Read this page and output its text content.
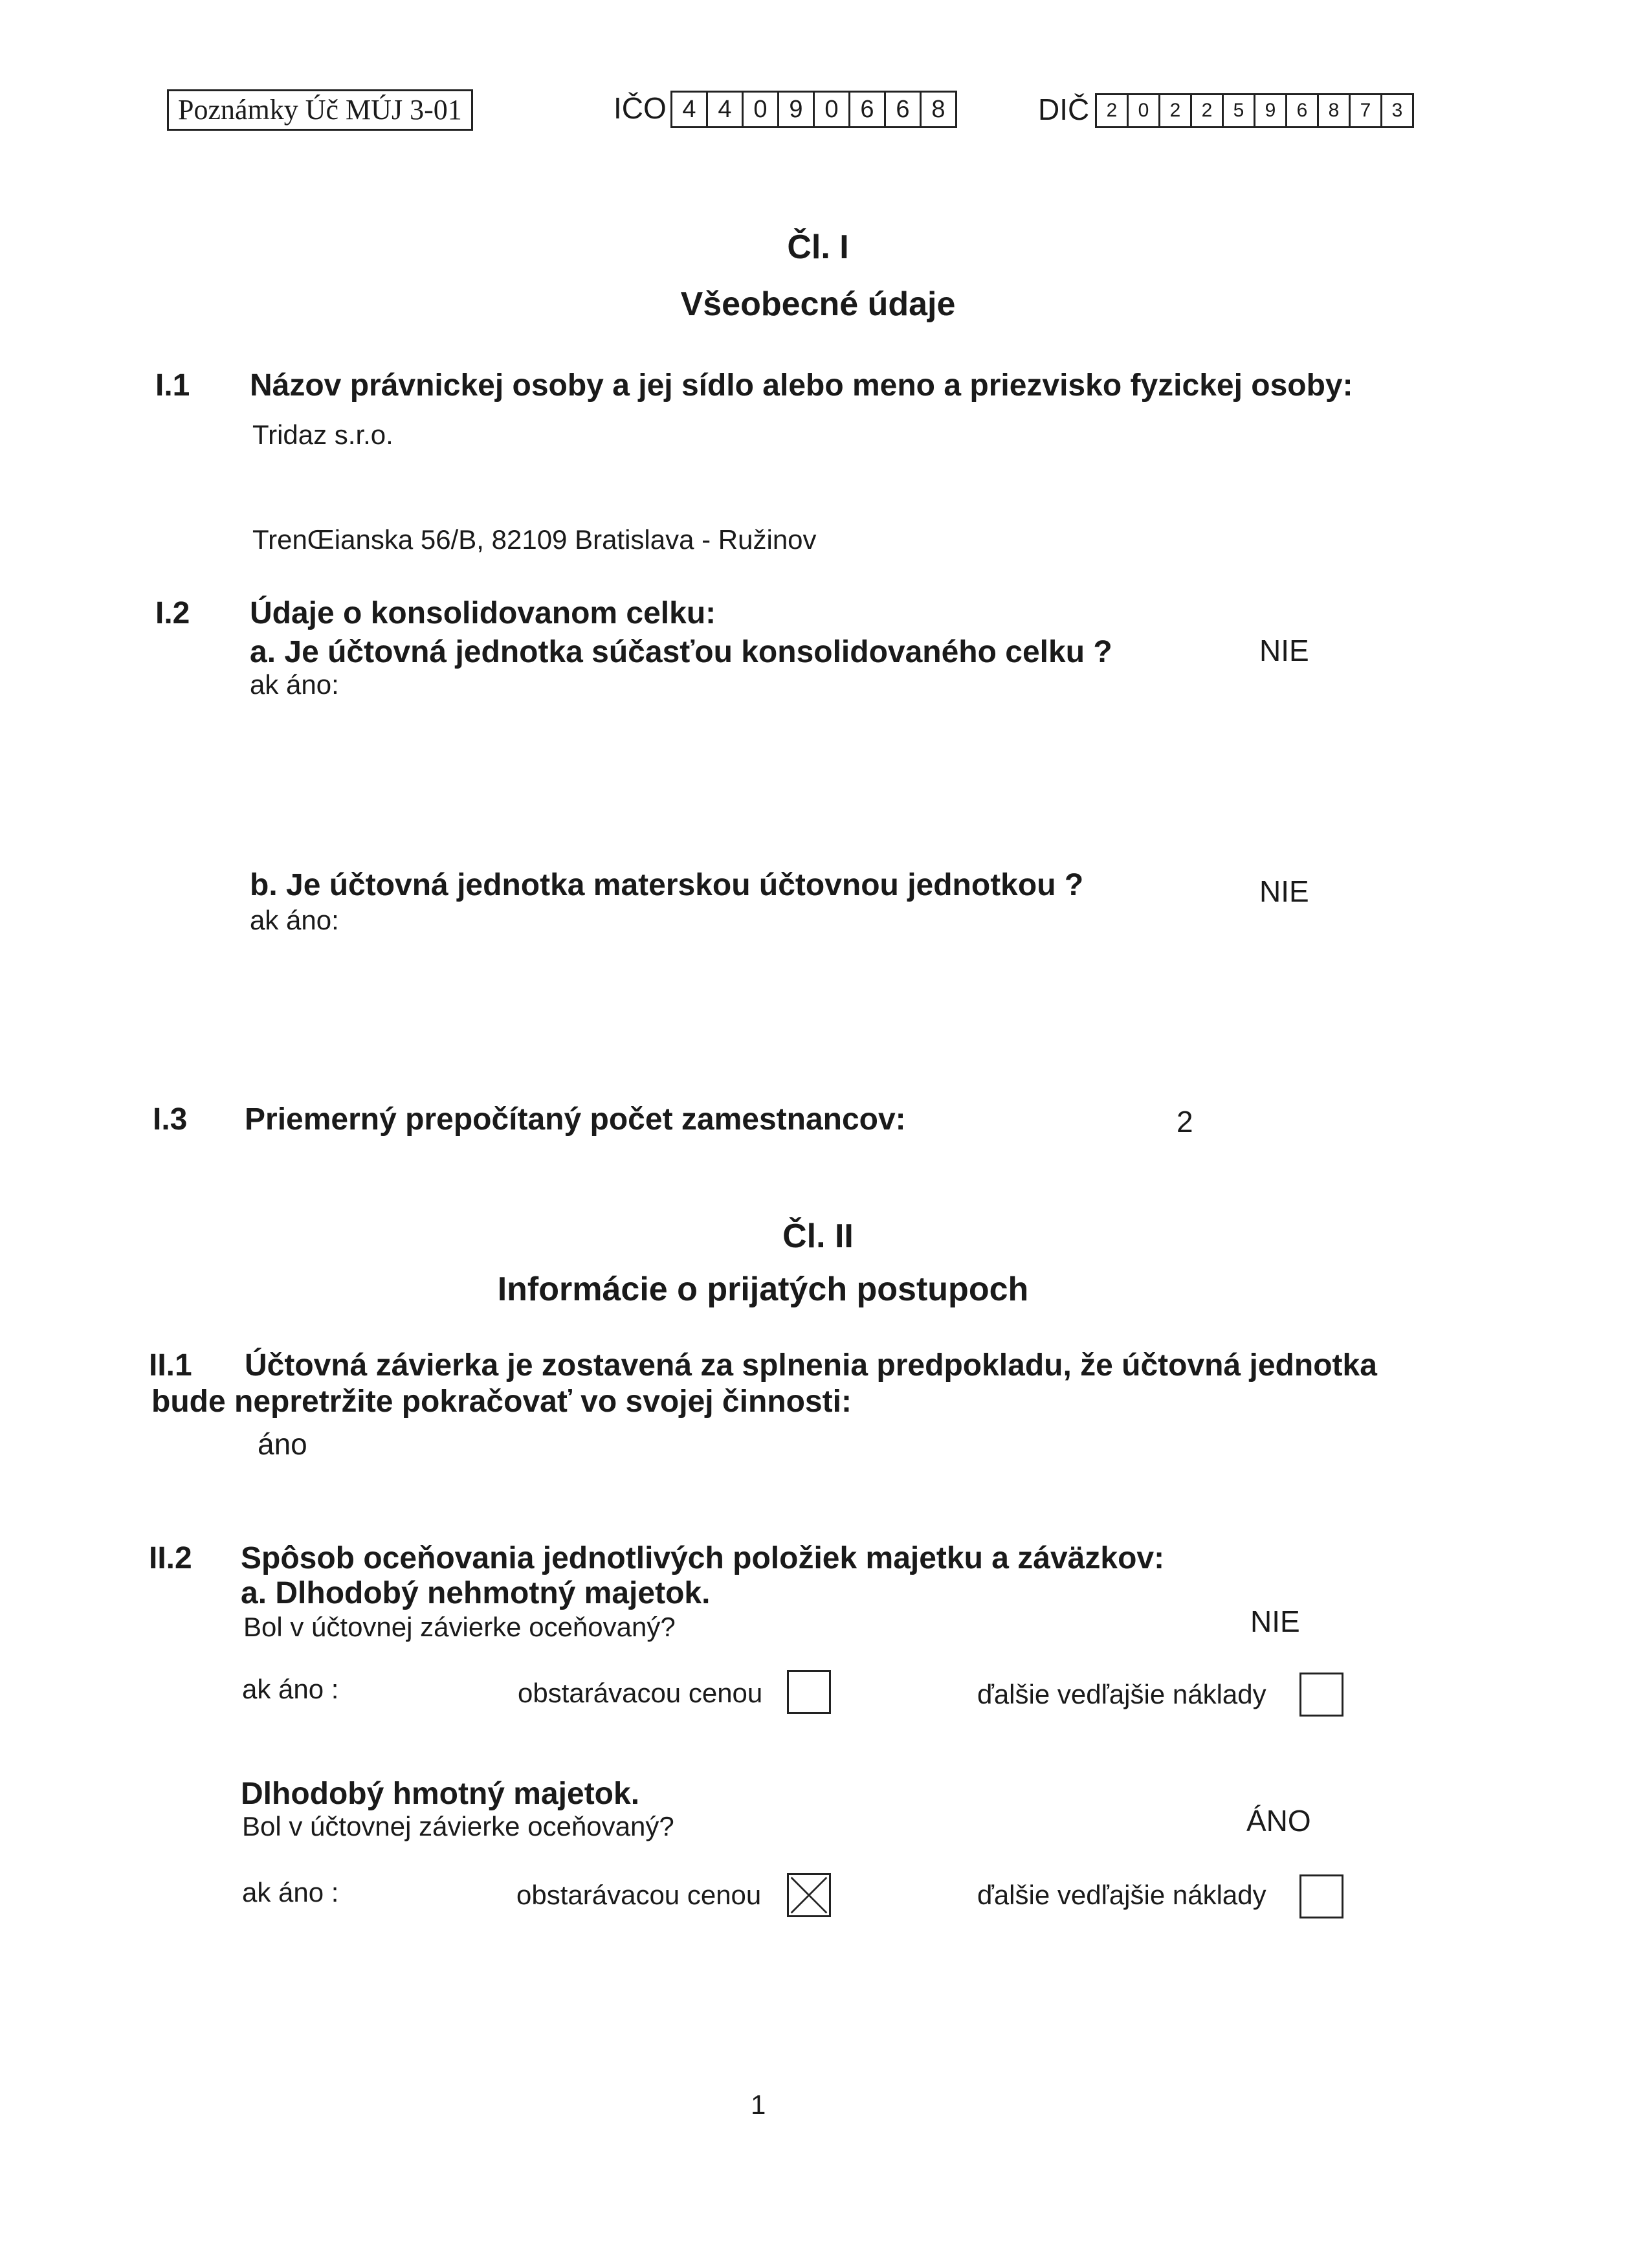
Poznámky Úč MÚJ 3-01	IČO 4 4 0 9 0 6 6 8	DIČ 2	0	2	2	5	9	6	8	7	3
Čl. I
Všeobecné údaje
I.1 Názov právnickej osoby a jej sídlo alebo meno a priezvisko fyzickej osoby:
Tridaz s.r.o.
TrenŒianska 56/B, 82109 Bratislava - Ružinov
I.2 Údaje o konsolidovanom celku:
a. Je účtovná jednotka súčasťou konsolidovaného celku ?	NIE
ak áno:
b. Je účtovná jednotka materskou účtovnou jednotkou ?	NIE
ak áno:
I.3 Priemerný prepočítaný počet zamestnancov:	2
Čl. II
Informácie o prijatých postupoch
II.1 Účtovná závierka je zostavená za splnenia predpokladu, že účtovná jednotka
bude nepretržite pokračovať vo svojej činnosti:
áno
II.2 Spôsob oceňovania jednotlivých položiek majetku a záväzkov:
a. Dlhodobý nehmotný majetok.
Bol v účtovnej závierke oceňovaný?	NIE
ak áno :	obstarávacou cenou	ďalšie vedľajšie náklady
Dlhodobý hmotný majetok.
Bol v účtovnej závierke oceňovaný?	ÁNO
ak áno :	obstarávacou cenou	ďalšie vedľajšie náklady
1
